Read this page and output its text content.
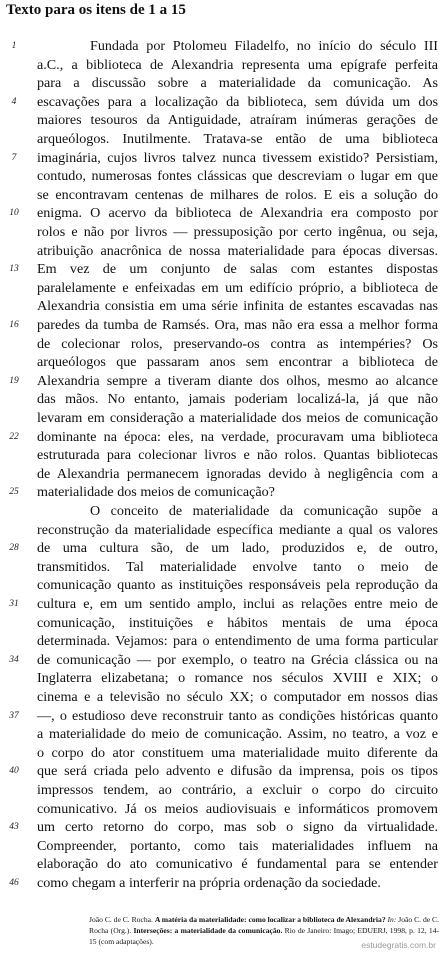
Texto para os itens de 1 a 15
1	Fundada por Ptolomeu Filadelfo, no início do século III
a.C., a biblioteca de Alexandria representa uma epígrafe perfeita
para a discussão sobre a materialidade da comunicação. As
4	escavações para a localização da biblioteca, sem dúvida um dos
maiores tesouros da Antiguidade, atraíram inúmeras gerações de
arqueólogos. Inutilmente. Tratava-se então de uma biblioteca
7	imaginária, cujos livros talvez nunca tivessem existido? Persistiam,
contudo, numerosas fontes clássicas que descreviam o lugar em que
se encontravam centenas de milhares de rolos. E eis a solução do
10	enigma. O acervo da biblioteca de Alexandria era composto por
rolos e não por livros — pressuposição por certo ingênua, ou seja,
atribuição anacrônica de nossa materialidade para épocas diversas.
13	Em vez de um conjunto de salas com estantes dispostas
paralelamente e enfeixadas em um edifício próprio, a biblioteca de
Alexandria consistia em uma série infinita de estantes escavadas nas
16	paredes da tumba de Ramsés. Ora, mas não era essa a melhor forma
de colecionar rolos, preservando-os contra as intempéries? Os
arqueólogos que passaram anos sem encontrar a biblioteca de
19	Alexandria sempre a tiveram diante dos olhos, mesmo ao alcance
das mãos. No entanto, jamais poderiam localizá-la, já que não
levaram em consideração a materialidade dos meios de comunicação
22	dominante na época: eles, na verdade, procuravam uma biblioteca
estruturada para colecionar livros e não rolos. Quantas bibliotecas
de Alexandria permanecem ignoradas devido à negligência com a
25	materialidade dos meios de comunicação?
O conceito de materialidade da comunicação supõe a
reconstrução da materialidade específica mediante a qual os valores
28	de uma cultura são, de um lado, produzidos e, de outro,
transmitidos. Tal materialidade envolve tanto o meio de
comunicação quanto as instituições responsáveis pela reprodução da
31	cultura e, em um sentido amplo, inclui as relações entre meio de
comunicação, instituições e hábitos mentais de uma época
determinada. Vejamos: para o entendimento de uma forma particular
34	de comunicação — por exemplo, o teatro na Grécia clássica ou na
Inglaterra elizabetana; o romance nos séculos XVIII e XIX; o
cinema e a televisão no século XX; o computador em nossos dias
37	—, o estudioso deve reconstruir tanto as condições históricas quanto
a materialidade do meio de comunicação. Assim, no teatro, a voz e
o corpo do ator constituem uma materialidade muito diferente da
40	que será criada pelo advento e difusão da imprensa, pois os tipos
impressos tendem, ao contrário, a excluir o corpo do circuito
comunicativo. Já os meios audiovisuais e informáticos promovem
43	um certo retorno do corpo, mas sob o signo da virtualidade.
Compreender, portanto, como tais materialidades influem na
elaboração do ato comunicativo é fundamental para se entender
46	como chegam a interferir na própria ordenação da sociedade.
João C. de C. Rocha. A matéria da materialidade: como localizar a biblioteca de Alexandria? In: João C. de C. Rocha (Org.). Interseções: a materialidade da comunicação. Rio de Janeiro: Imago; EDUERJ, 1998, p. 12, 14-15 (com adaptações).	estudegratis.com.br
